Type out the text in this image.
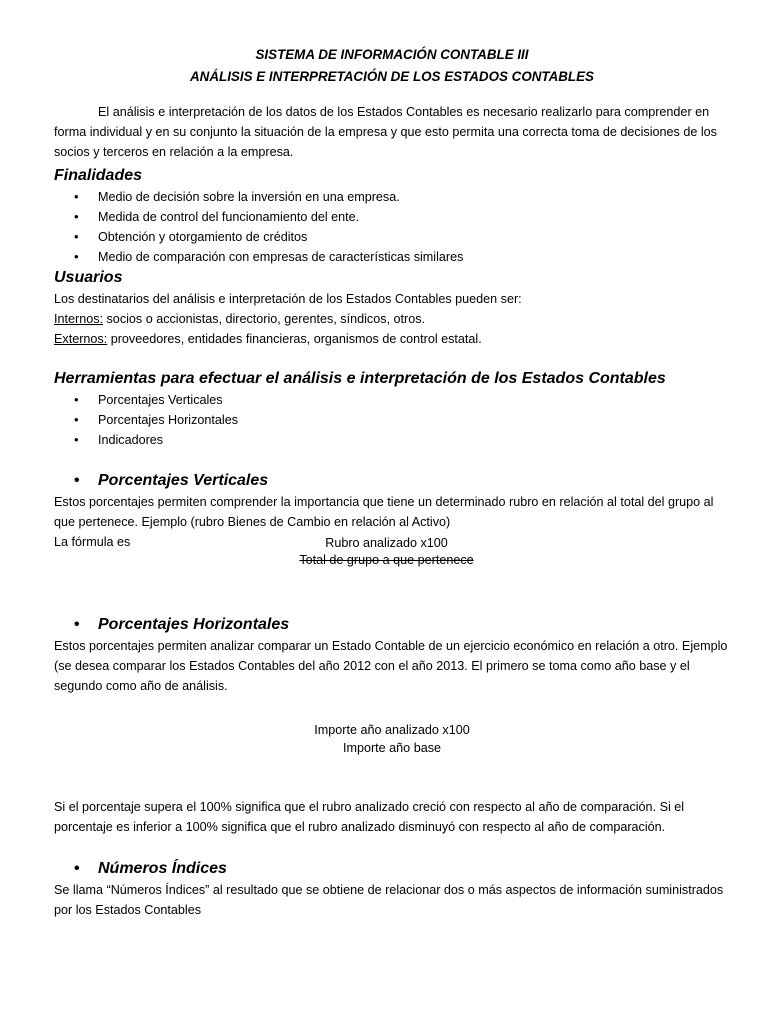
SISTEMA DE INFORMACIÓN CONTABLE III

ANÁLISIS E INTERPRETACIÓN DE LOS ESTADOS CONTABLES

El análisis e interpretación de los datos de los Estados Contables es necesario realizarlo para comprender en forma individual y en su conjunto la situación de la empresa y que esto permita una correcta toma de decisiones de los socios y terceros en relación a la empresa.

Finalidades

• Medio de decisión sobre la inversión en una empresa.
• Medida de control del funcionamiento del ente.
• Obtención y otorgamiento de créditos
• Medio de comparación con empresas de características similares

Usuarios

Los destinatarios del análisis e interpretación de los Estados Contables pueden ser:

Internos: socios o accionistas, directorio, gerentes, síndicos, otros.

Externos: proveedores, entidades financieras, organismos de control estatal.

Herramientas para efectuar el análisis e interpretación de los Estados Contables

• Porcentajes Verticales
• Porcentajes Horizontales
• Indicadores
• Porcentajes Verticales

Estos porcentajes permiten comprender la importancia que tiene un determinado rubro en relación al total del grupo al que pertenece. Ejemplo (rubro Bienes de Cambio en relación al Activo)

La fórmula es	Rubro analizado x100

Total de grupo a que pertenece

• Porcentajes Horizontales

Estos porcentajes permiten analizar comparar un Estado Contable de un ejercicio económico en relación a otro. Ejemplo (se desea comparar los Estados Contables del año 2012 con el año 2013. El primero se toma como año base y el segundo como año de análisis.

Importe año analizado x100

Importe año base

Si el porcentaje supera el 100% significa que el rubro analizado creció con respecto al año de comparación. Si el porcentaje es inferior a 100% significa que el rubro analizado disminuyó con respecto al año de comparación.

• Números Índices

Se llama “Números Índices” al resultado que se obtiene de relacionar dos o más aspectos de información suministrados por los Estados Contables
